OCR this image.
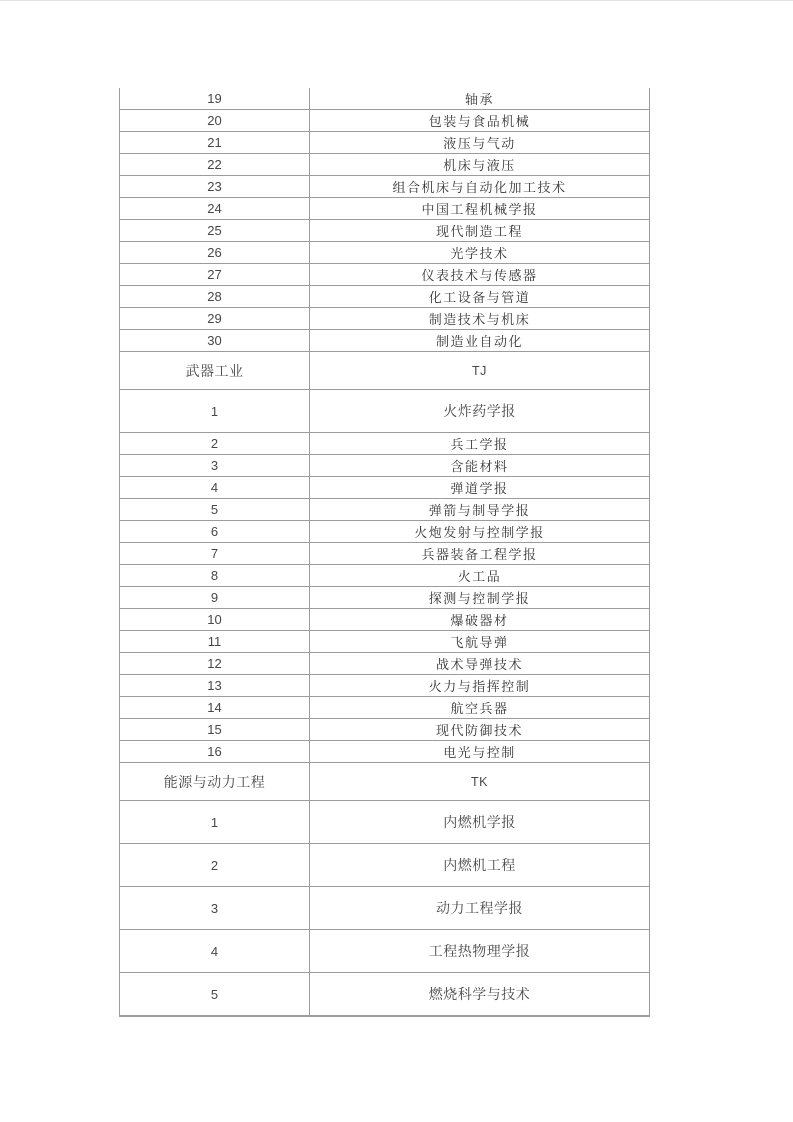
19	轴承
20	包装与食品机械
21	液压与气动
22	机床与液压
23	组合机床与自动化加工技术
24	中国工程机械学报
25	现代制造工程
26	光学技术
27	仪表技术与传感器
28	化工设备与管道
29	制造技术与机床
30	制造业自动化
武器工业	TJ
1	火炸药学报
2	兵工学报
3	含能材料
4	弹道学报
5	弹箭与制导学报
6	火炮发射与控制学报
7	兵器装备工程学报
8	火工品
9	探测与控制学报
10	爆破器材
11	飞航导弹
12	战术导弹技术
13	火力与指挥控制
14	航空兵器
15	现代防御技术
16	电光与控制
能源与动力工程	TK
1	内燃机学报
2	内燃机工程
3	动力工程学报
4	工程热物理学报
5	燃烧科学与技术
